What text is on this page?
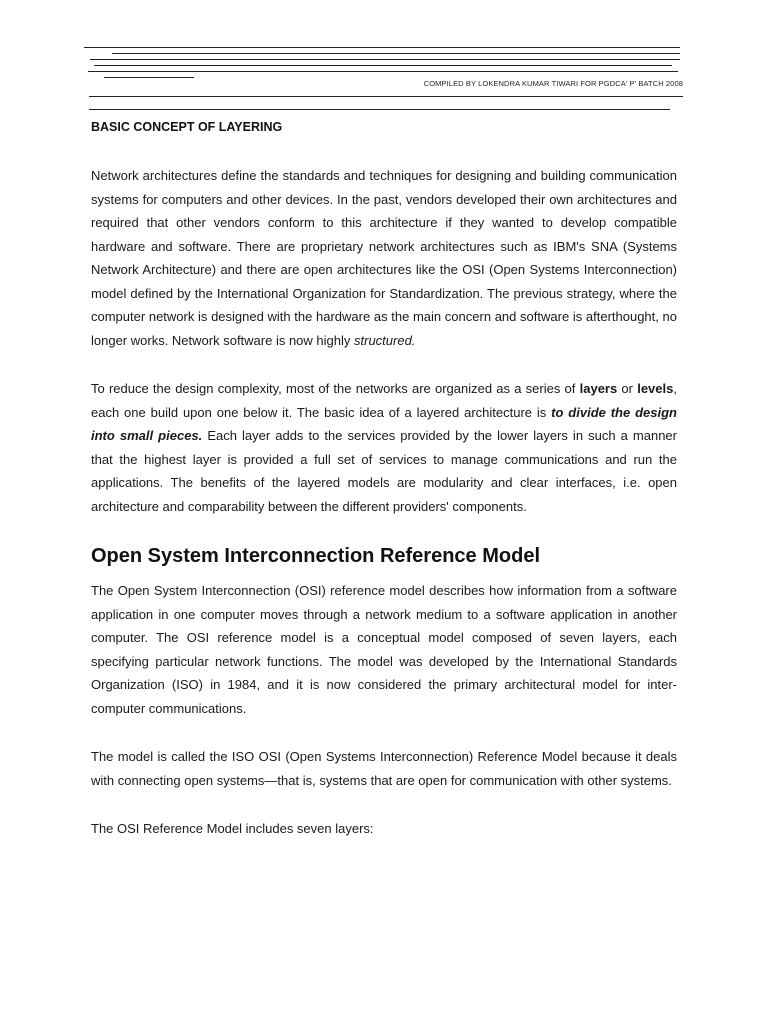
COMPILED BY LOKENDRA KUMAR TIWARI FOR PGDCA' P' BATCH 2008
BASIC CONCEPT OF LAYERING

Network architectures define the standards and techniques for designing and building communication systems for computers and other devices. In the past, vendors developed their own architectures and required that other vendors conform to this architecture if they wanted to develop compatible hardware and software. There are proprietary network architectures such as IBM's SNA (Systems Network Architecture) and there are open architectures like the OSI (Open Systems Interconnection) model defined by the International Organization for Standardization. The previous strategy, where the computer network is designed with the hardware as the main concern and software is afterthought, no longer works. Network software is now highly structured.

To reduce the design complexity, most of the networks are organized as a series of layers or levels, each one build upon one below it. The basic idea of a layered architecture is to divide the design into small pieces. Each layer adds to the services provided by the lower layers in such a manner that the highest layer is provided a full set of services to manage communications and run the applications. The benefits of the layered models are modularity and clear interfaces, i.e. open architecture and comparability between the different providers' components.

Open System Interconnection Reference Model

The Open System Interconnection (OSI) reference model describes how information from a software application in one computer moves through a network medium to a software application in another computer. The OSI reference model is a conceptual model composed of seven layers, each specifying particular network functions. The model was developed by the International Standards Organization (ISO) in 1984, and it is now considered the primary architectural model for inter-computer communications.

The model is called the ISO OSI (Open Systems Interconnection) Reference Model because it deals with connecting open systems—that is, systems that are open for communication with other systems.

The OSI Reference Model includes seven layers:
